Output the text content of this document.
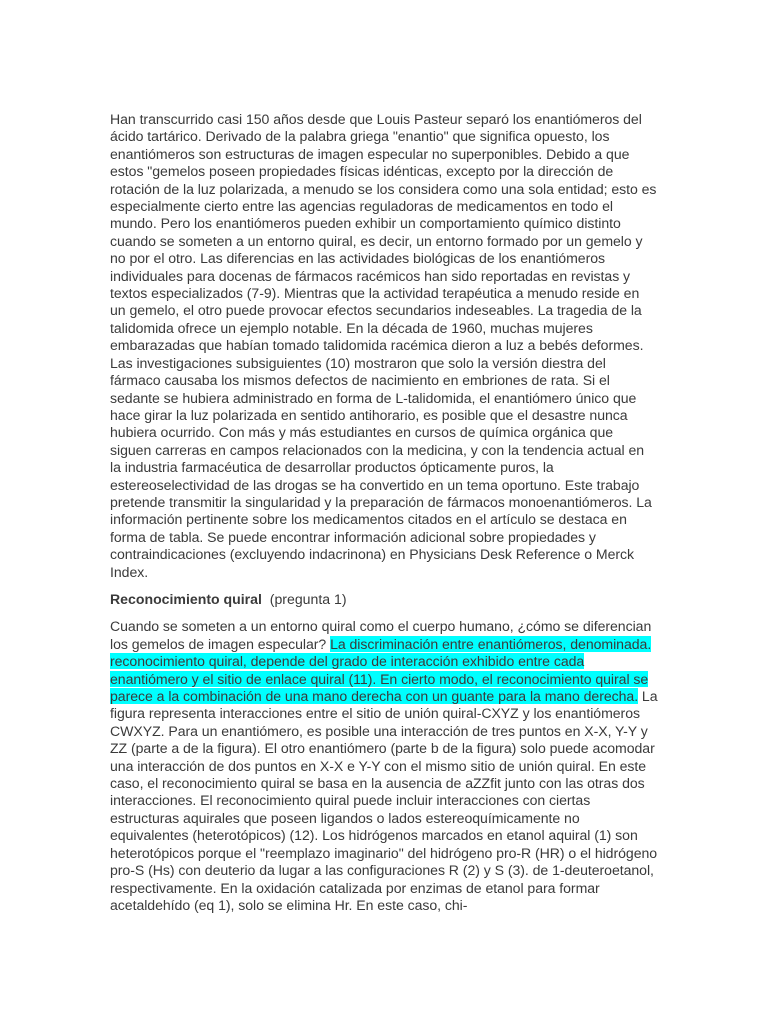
Han transcurrido casi 150 años desde que Louis Pasteur separó los enantiómeros del ácido tartárico. Derivado de la palabra griega "enantio" que significa opuesto, los enantiómeros son estructuras de imagen especular no superponibles. Debido a que estos "gemelos poseen propiedades físicas idénticas, excepto por la dirección de rotación de la luz polarizada, a menudo se los considera como una sola entidad; esto es especialmente cierto entre las agencias reguladoras de medicamentos en todo el mundo. Pero los enantiómeros pueden exhibir un comportamiento químico distinto cuando se someten a un entorno quiral, es decir, un entorno formado por un gemelo y no por el otro. Las diferencias en las actividades biológicas de los enantiómeros individuales para docenas de fármacos racémicos han sido reportadas en revistas y textos especializados (7-9). Mientras que la actividad terapéutica a menudo reside en un gemelo, el otro puede provocar efectos secundarios indeseables. La tragedia de la talidomida ofrece un ejemplo notable. En la década de 1960, muchas mujeres embarazadas que habían tomado talidomida racémica dieron a luz a bebés deformes. Las investigaciones subsiguientes (10) mostraron que solo la versión diestra del fármaco causaba los mismos defectos de nacimiento en embriones de rata. Si el sedante se hubiera administrado en forma de L-talidomida, el enantiómero único que hace girar la luz polarizada en sentido antihorario, es posible que el desastre nunca hubiera ocurrido. Con más y más estudiantes en cursos de química orgánica que siguen carreras en campos relacionados con la medicina, y con la tendencia actual en la industria farmacéutica de desarrollar productos ópticamente puros, la estereoselectividad de las drogas se ha convertido en un tema oportuno. Este trabajo pretende transmitir la singularidad y la preparación de fármacos monoenantiómeros. La información pertinente sobre los medicamentos citados en el artículo se destaca en forma de tabla. Se puede encontrar información adicional sobre propiedades y contraindicaciones (excluyendo indacrinona) en Physicians Desk Reference o Merck Index.

Reconocimiento quiral (pregunta 1)

Cuando se someten a un entorno quiral como el cuerpo humano, ¿cómo se diferencian los gemelos de imagen especular? La discriminación entre enantiómeros, denominada. reconocimiento quiral, depende del grado de interacción exhibido entre cada enantiómero y el sitio de enlace quiral (11). En cierto modo, el reconocimiento quiral se parece a la combinación de una mano derecha con un guante para la mano derecha. La figura representa interacciones entre el sitio de unión quiral-CXYZ y los enantiómeros CWXYZ. Para un enantiómero, es posible una interacción de tres puntos en X-X, Y-Y y ZZ (parte a de la figura). El otro enantiómero (parte b de la figura) solo puede acomodar una interacción de dos puntos en X-X e Y-Y con el mismo sitio de unión quiral. En este caso, el reconocimiento quiral se basa en la ausencia de aZZfit junto con las otras dos interacciones. El reconocimiento quiral puede incluir interacciones con ciertas estructuras aquirales que poseen ligandos o lados estereoquímicamente no equivalentes (heterotópicos) (12). Los hidrógenos marcados en etanol aquiral (1) son heterotópicos porque el "reemplazo imaginario" del hidrógeno pro-R (HR) o el hidrógeno pro-S (Hs) con deuterio da lugar a las configuraciones R (2) y S (3). de 1-deuteroetanol, respectivamente. En la oxidación catalizada por enzimas de etanol para formar acetaldehído (eq 1), solo se elimina Hr. En este caso, chi-
